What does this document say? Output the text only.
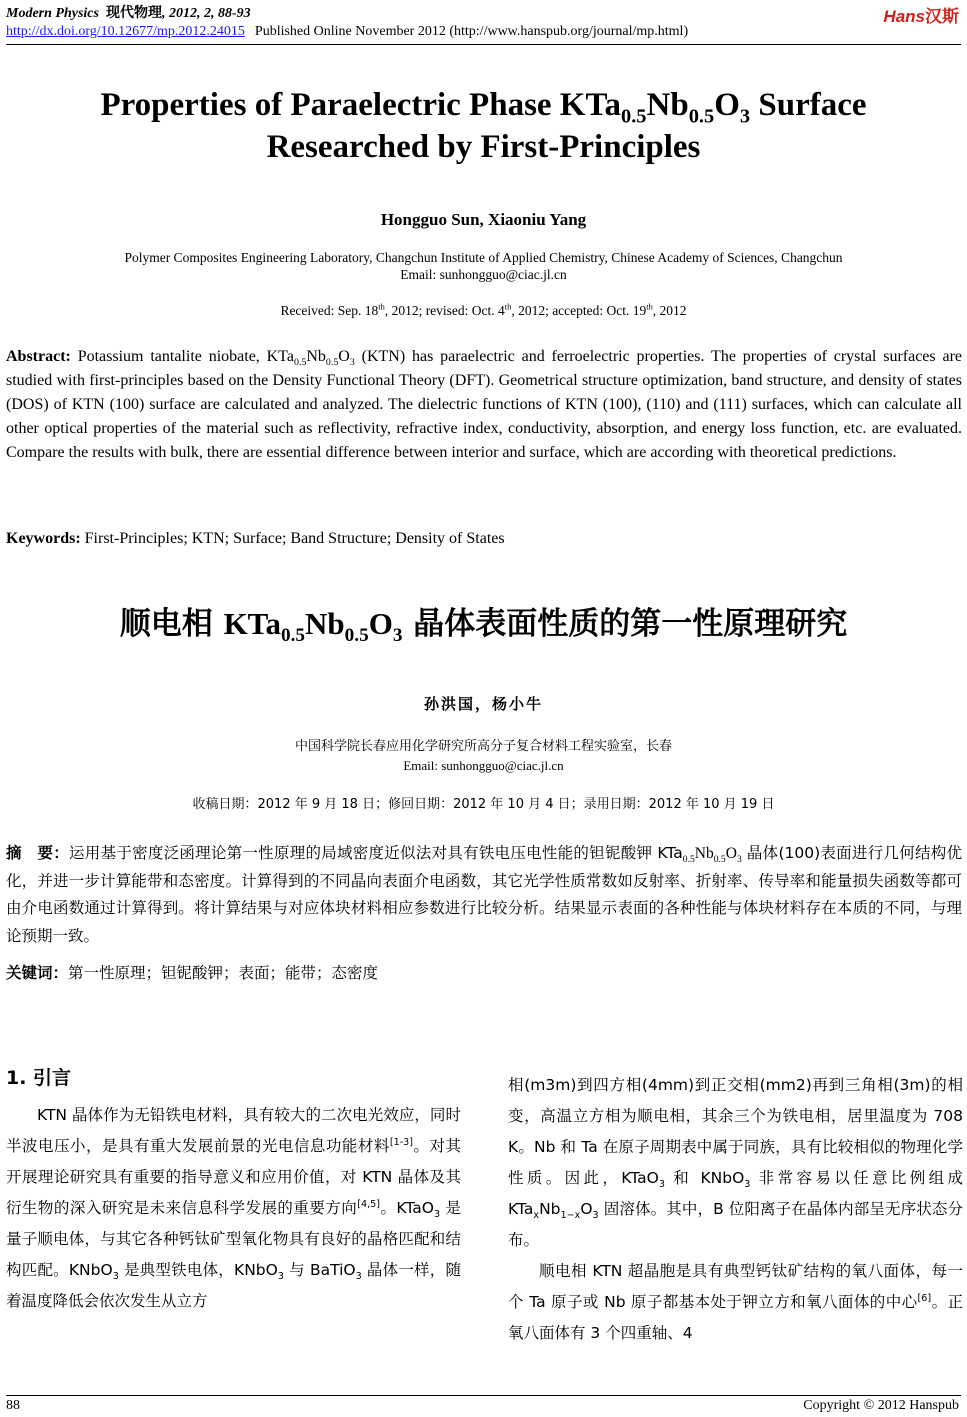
Modern Physics 现代物理, 2012, 2, 88-93	Hans汉斯
http://dx.doi.org/10.12677/mp.2012.24015 Published Online November 2012 (http://www.hanspub.org/journal/mp.html)
Properties of Paraelectric Phase $KTa_{0.5}Nb_{0.5}O_3$ Surface
Researched by First-Principles
Hongguo Sun, Xiaoniu Yang
Polymer Composites Engineering Laboratory, Changchun Institute of Applied Chemistry, Chinese Academy of Sciences, Changchun
Email: sunhongguo@ciac.jl.cn
Received: Sep. 18th, 2012; revised: Oct. 4th, 2012; accepted: Oct. 19th, 2012
Abstract: Potassium tantalite niobate, $KTa_{0.5}Nb_{0.5}O_3$ (KTN) has paraelectric and ferroelectric properties. The properties of crystal surfaces are studied with first-principles based on the Density Functional Theory (DFT). Geometrical structure optimization, band structure, and density of states (DOS) of KTN (100) surface are calculated and analyzed. The dielectric functions of KTN (100), (110) and (111) surfaces, which can calculate all other optical properties of the material such as reflectivity, refractive index, conductivity, absorption, and energy loss function, etc. are evaluated. Compare the results with bulk, there are essential difference between interior and surface, which are according with theoretical predictions.
Keywords: First-Principles; KTN; Surface; Band Structure; Density of States
顺电相 $KTa_{0.5}Nb_{0.5}O_3$ 晶体表面性质的第一性原理研究
孙洪国，杨小牛
中国科学院长春应用化学研究所高分子复合材料工程实验室，长春
Email: sunhongguo@ciac.jl.cn
收稿日期：2012 年 9 月 18 日；修回日期：2012 年 10 月 4 日；录用日期：2012 年 10 月 19 日
摘　要：运用基于密度泛函理论第一性原理的局域密度近似法对具有铁电压电性能的钽铌酸钾 $KTa_{0.5}Nb_{0.5}O_3$ 晶体(100)表面进行几何结构优化，并进一步计算能带和态密度。计算得到的不同晶向表面介电函数，其它光学性质常数如反射率、折射率、传导率和能量损失函数等都可由介电函数通过计算得到。将计算结果与对应体块材料相应参数进行比较分析。结果显示表面的各种性能与体块材料存在本质的不同，与理论预期一致。
关键词：第一性原理；钽铌酸钾；表面；能带；态密度
1. 引言

KTN 晶体作为无铅铁电材料，具有较大的二次电光效应，同时半波电压小，是具有重大发展前景的光电信息功能材料[1-3]。对其开展理论研究具有重要的指导意义和应用价值，对 KTN 晶体及其衍生物的深入研究是未来信息科学发展的重要方向[4,5]。KTaO$_3$ 是量子顺电体，与其它各种钙钛矿型氧化物具有良好的晶格匹配和结构匹配。KNbO$_3$ 是典型铁电体，KNbO$_3$ 与 BaTiO$_3$ 晶体一样，随着温度降低会依次发生从立方

相(m3m)到四方相(4mm)到正交相(mm2)再到三角相(3m)的相变，高温立方相为顺电相，其余三个为铁电相，居里温度为 708 K。Nb 和 Ta 在原子周期表中属于同族，具有比较相似的物理化学性质。因此，KTaO$_3$ 和 KNbO$_3$ 非常容易以任意比例组成 $KTa_xNb_{1-x}O_3$ 固溶体。其中，B 位阳离子在晶体内部呈无序状态分布。

顺电相 KTN 超晶胞是具有典型钙钛矿结构的氧八面体，每一个 Ta 原子或 Nb 原子都基本处于钾立方和氧八面体的中心[6]。正氧八面体有 3 个四重轴、4

88	Copyright © 2012 Hanspub
